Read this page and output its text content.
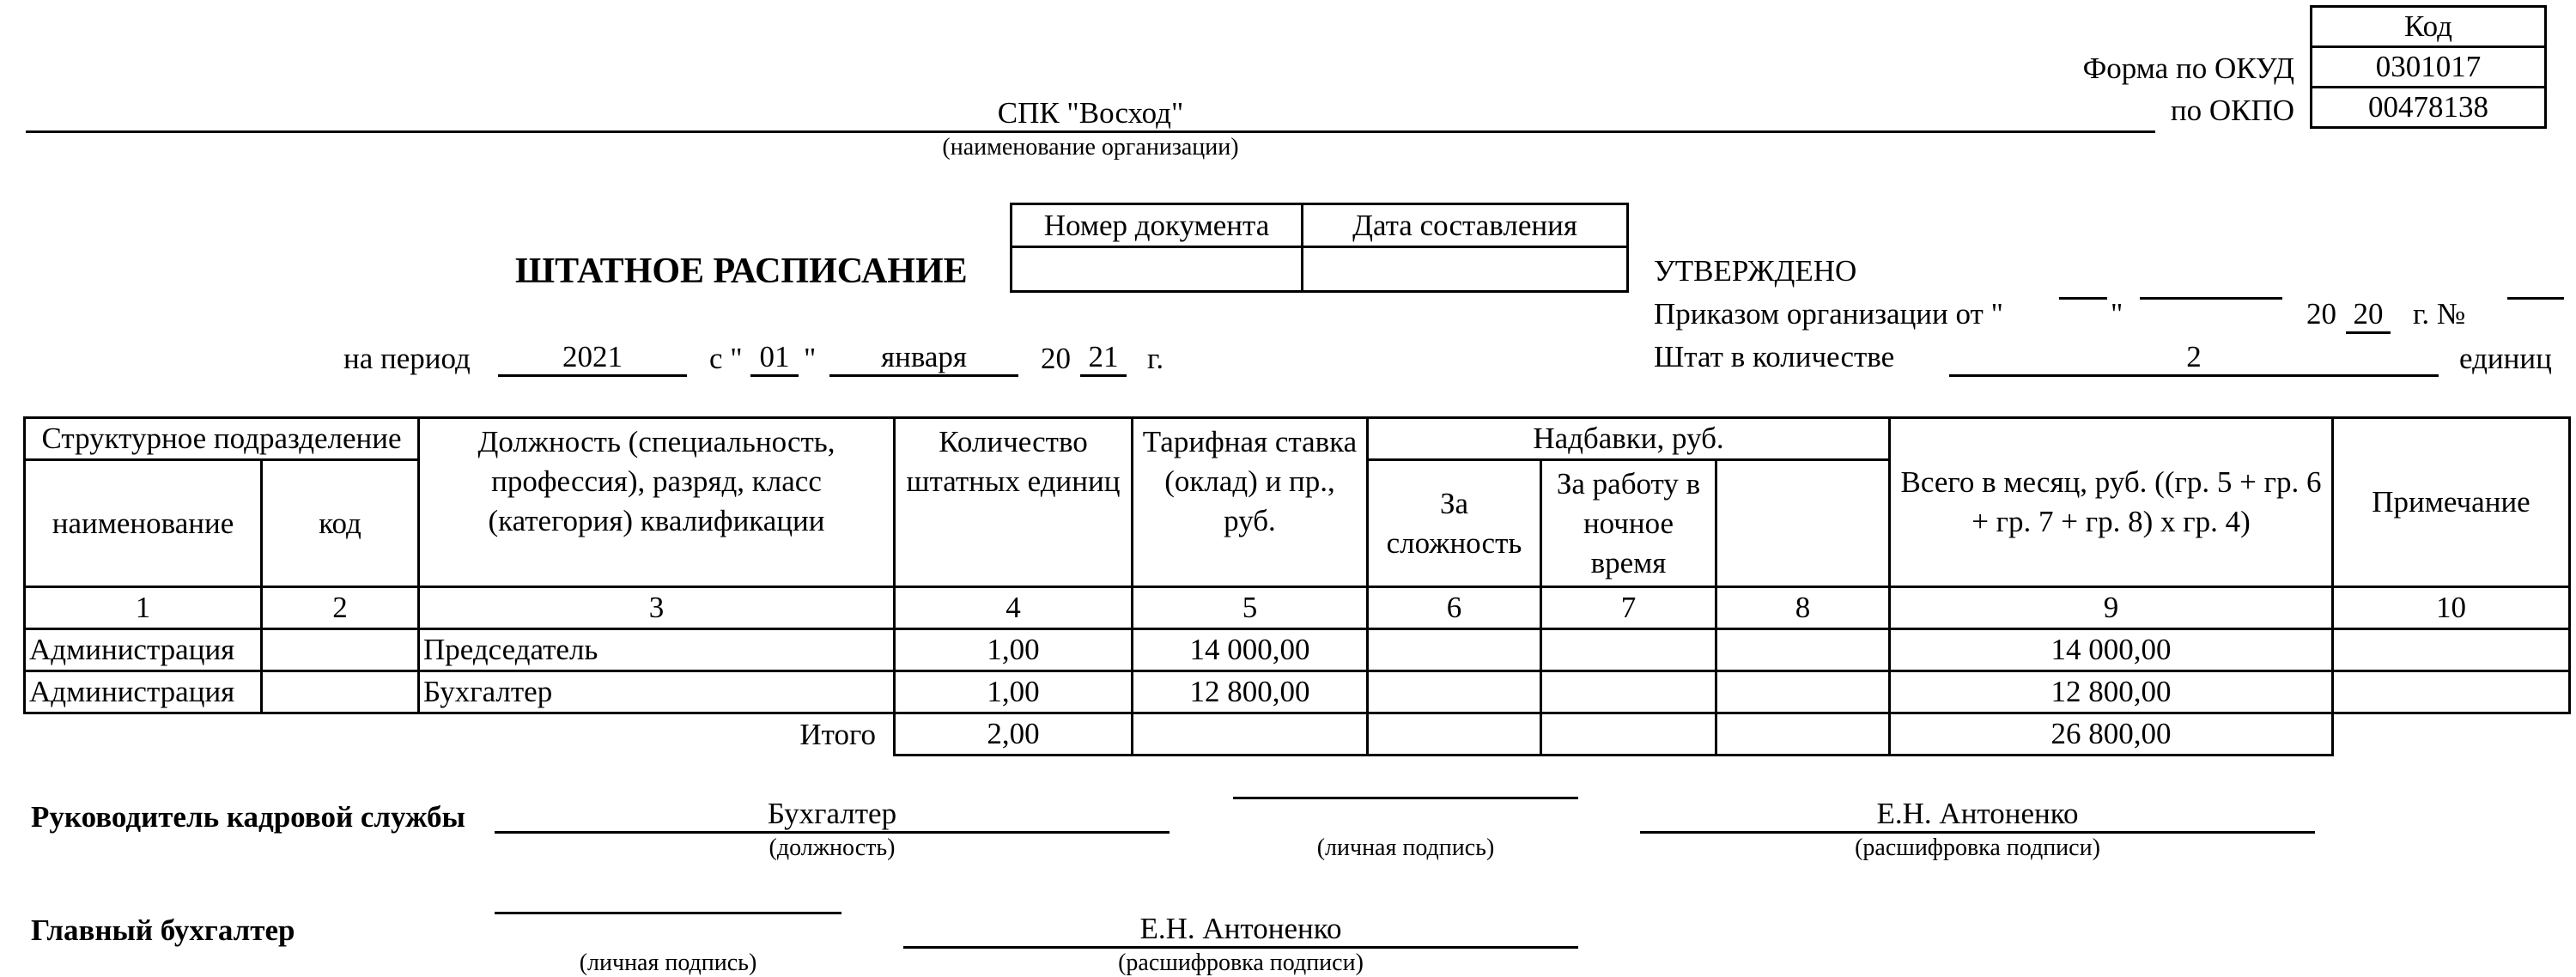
Код
0301017
00478138
Форма по ОКУД
по ОКПО
СПК "Восход"
(наименование организации)
ШТАТНОЕ РАСПИСАНИЕ
Номер документа	Дата составления

на период	2021	с " 01 "	января	20 21 г.
УТВЕРЖДЕНО
Приказом организации от "	"	20 20 г. №
Штат в количестве	2	единиц
Структурное подразделение		Должность (специальность, профессия), разряд, класс (категория) квалификации	Количество штатных единиц	Тарифная ставка (оклад) и пр., руб.	Надбавки, руб.			Всего в месяц, руб. ((гр. 5 + гр. 6 + гр. 7 + гр. 8) х гр. 4)	Примечание
наименование	код				За сложность	За работу в ночное время			
1	2	3	4	5	6	7	8	9	10
Администрация		Председатель	1,00	14 000,00				14 000,00	
Администрация		Бухгалтер	1,00	12 800,00				12 800,00	
		Итого	2,00					26 800,00	
Руководитель кадровой службы	Бухгалтер
(должность)	(личная подпись)
Е.Н. Антоненко
(расшифровка подписи)
Главный бухгалтер
(личная подпись)
Е.Н. Антоненко
(расшифровка подписи)
